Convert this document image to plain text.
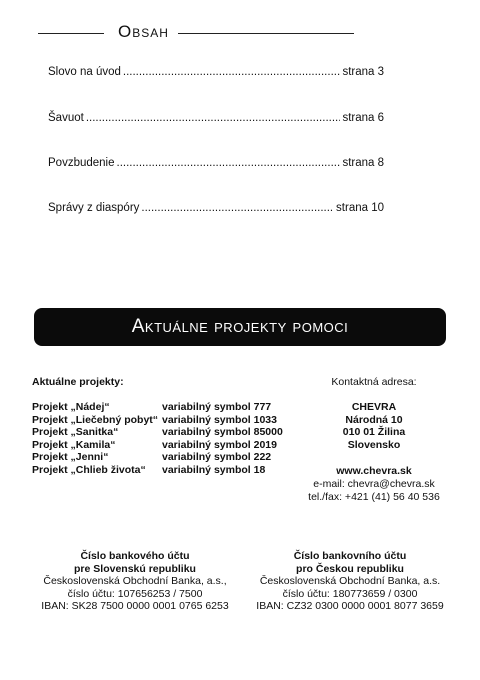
Obsah
Slovo na úvod .....	strana 3
Šavuot .....	strana 6
Povzbudenie .....	strana 8
Správy z diaspóry .....	strana 10
Aktuálne projekty pomoci
Aktuálne projekty:
Projekt „Nádej“	variabilný symbol 777
Projekt „Liečebný pobyt“ variabilný symbol 1033
Projekt „Sanitka“	variabilný symbol 85000
Projekt „Kamila“	variabilný symbol 2019
Projekt „Jenni“	variabilný symbol 222
Projekt „Chlieb života“	variabilný symbol 18
Kontaktná adresa:
CHEVRA
Národná 10
010 01 Žilina
Slovensko
www.chevra.sk
e-mail: chevra@chevra.sk
tel./fax: +421 (41) 56 40 536
Číslo bankového účtu
pre Slovenskú republiku
Československá Obchodní Banka, a.s.,
číslo účtu: 107656253 / 7500
IBAN: SK28 7500 0000 0001 0765 6253
Číslo bankovního účtu
pro Českou republiku
Československá Obchodní Banka, a.s.
číslo účtu: 180773659 / 0300
IBAN: CZ32 0300 0000 0001 8077 3659
